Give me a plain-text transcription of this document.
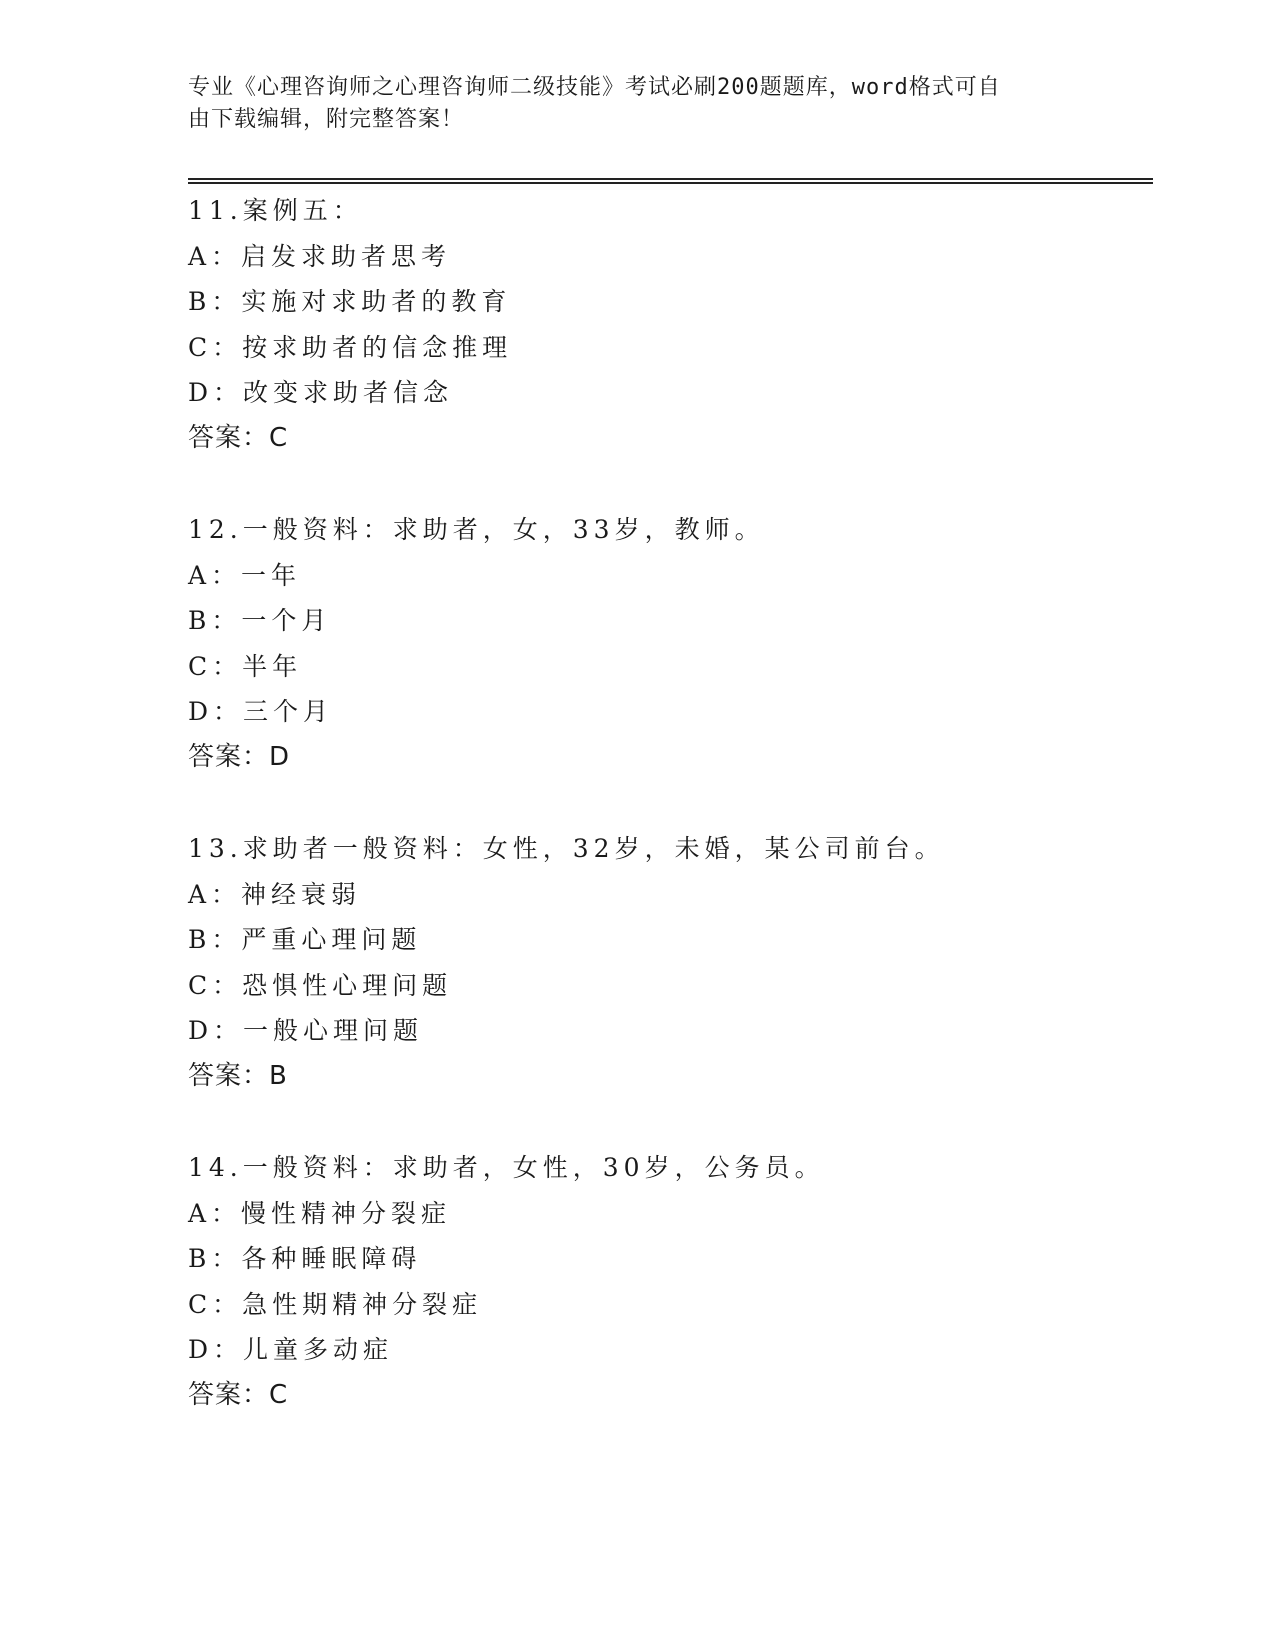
专业《心理咨询师之心理咨询师二级技能》考试必刷200题题库，word格式可自
由下载编辑，附完整答案！
11.案例五：
A：启发求助者思考
B：实施对求助者的教育
C：按求助者的信念推理
D：改变求助者信念
答案：C
12.一般资料：求助者，女，33岁，教师。
A：一年
B：一个月
C：半年
D：三个月
答案：D
13.求助者一般资料：女性，32岁，未婚，某公司前台。
A：神经衰弱
B：严重心理问题
C：恐惧性心理问题
D：一般心理问题
答案：B
14.一般资料：求助者，女性，30岁，公务员。
A：慢性精神分裂症
B：各种睡眠障碍
C：急性期精神分裂症
D：儿童多动症
答案：C
